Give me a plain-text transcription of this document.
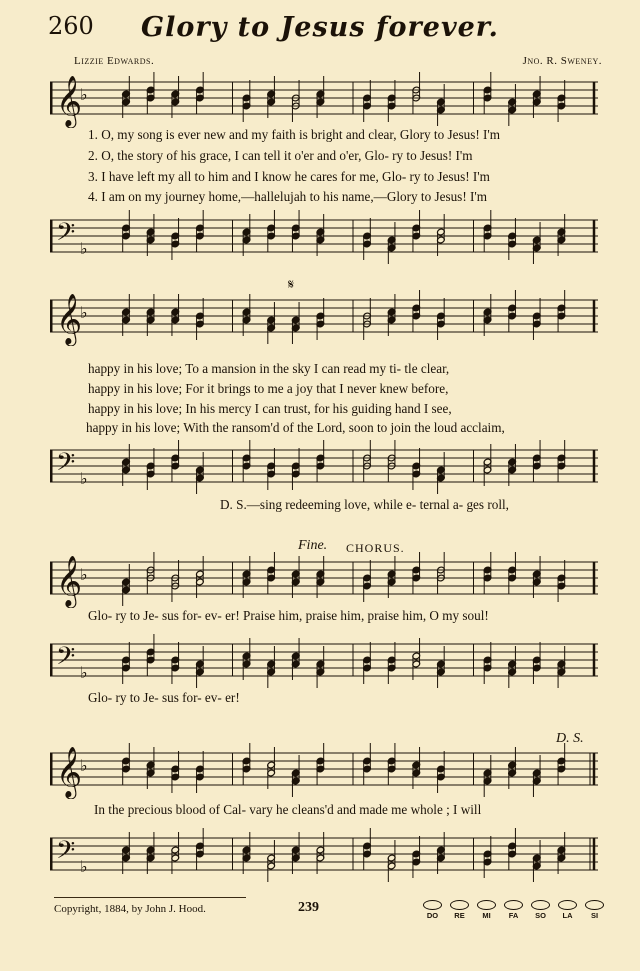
260	Glory to Jesus forever.
Lizzie Edwards.	Jno. R. Sweney.
𝄞
♭
1. O, my song is ever new and my faith is bright and clear, Glory to Jesus! I'm
2. O, the story of his grace, I can tell it o'er and o'er, Glo- ry to Jesus! I'm
3. I have left my all to him and I know he cares for me, Glo- ry to Jesus! I'm
4. I am on my journey home,—hallelujah to his name,—Glory to Jesus! I'm
𝄢 ♭
𝄋
𝄞
♭
happy in his love; To a mansion in the sky I can read my ti- tle clear,
happy in his love; For it brings to me a joy that I never knew before,
happy in his love; In his mercy I can trust, for his guiding hand I see,
happy in his love; With the ransom'd of the Lord, soon to join the loud acclaim,
𝄢 ♭
D. S.—sing redeeming love, while e- ternal a- ges roll,
Fine. CHORUS.
𝄞
♭
Glo- ry to Je- sus for- ev- er! Praise him, praise him, praise him, O my soul!
𝄢 ♭
Glo- ry to Je- sus for- ev- er!
D. S.
𝄞
♭
In the precious blood of Cal- vary he cleans'd and made me whole ; I will
𝄢 ♭
Copyright, 1884, by John J. Hood.	239
DO	RE	MI	FA	SO	LA	SI
